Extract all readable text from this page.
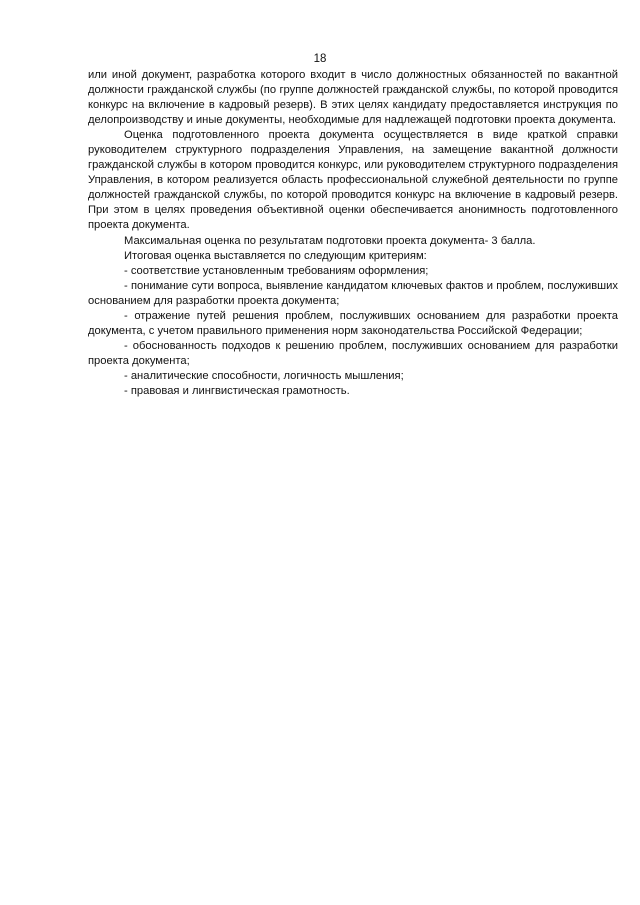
18

или иной документ, разработка которого входит в число должностных обязанностей по вакантной должности гражданской службы (по группе должностей гражданской службы, по которой проводится конкурс на включение в кадровый резерв). В этих целях кандидату предоставляется инструкция по делопроизводству и иные документы, необходимые для надлежащей подготовки проекта документа.

Оценка подготовленного проекта документа осуществляется в виде краткой справки руководителем структурного подразделения Управления, на замещение вакантной должности гражданской службы в котором проводится конкурс, или руководителем структурного подразделения Управления, в котором реализуется область профессиональной служебной деятельности по группе должностей гражданской службы, по которой проводится конкурс на включение в кадровый резерв. При этом в целях проведения объективной оценки обеспечивается анонимность подготовленного проекта документа.

Максимальная оценка по результатам подготовки проекта документа- 3 балла.

Итоговая оценка выставляется по следующим критериям:

- соответствие установленным требованиям оформления;

- понимание сути вопроса, выявление кандидатом ключевых фактов и проблем, послуживших основанием для разработки проекта документа;

- отражение путей решения проблем, послуживших основанием для разработки проекта документа, с учетом правильного применения норм законодательства Российской Федерации;

- обоснованность подходов к решению проблем, послуживших основанием для разработки проекта документа;

- аналитические способности, логичность мышления;

- правовая и лингвистическая грамотность.
